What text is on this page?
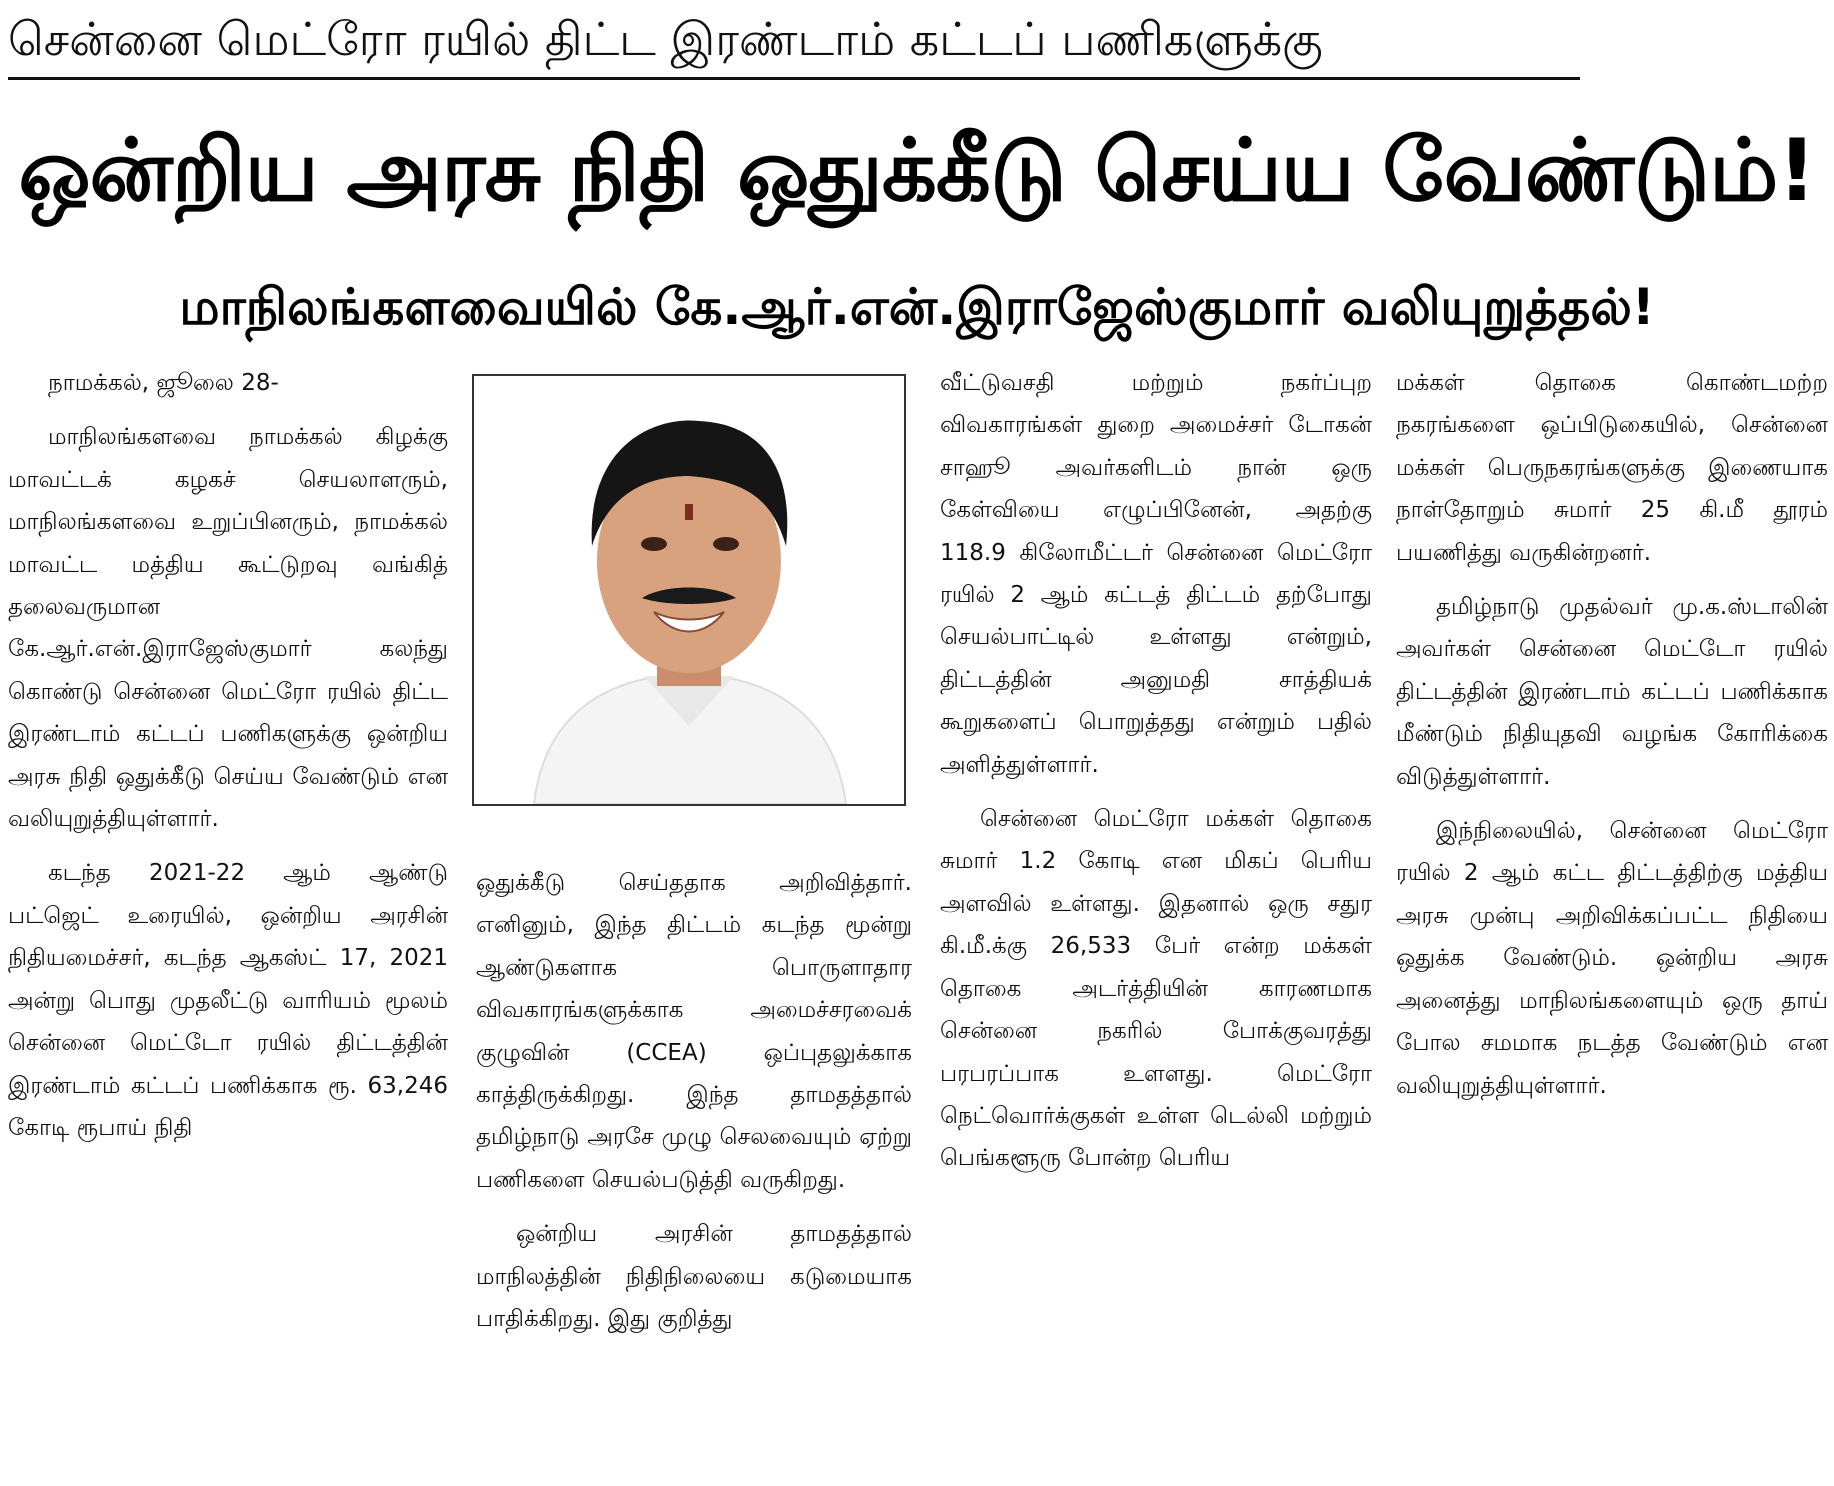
சென்னை மெட்ரோ ரயில் திட்ட இரண்டாம் கட்டப் பணிகளுக்கு
ஒன்றிய அரசு நிதி ஒதுக்கீடு செய்ய வேண்டும்!
மாநிலங்களவையில் கே.ஆர்.என்.இராஜேஸ்குமார் வலியுறுத்தல்!

நாமக்கல், ஜூலை 28-

மாநிலங்களவை நாமக்கல் கிழக்கு மாவட்டக் கழகச் செயலாளரும், மாநிலங்களவை உறுப்பினரும், நாமக்கல் மாவட்ட மத்திய கூட்டுறவு வங்கித் தலைவருமான கே.ஆர்.என்.இராஜேஸ்குமார் கலந்து கொண்டு சென்னை மெட்ரோ ரயில் திட்ட இரண்டாம் கட்டப் பணிகளுக்கு ஒன்றிய அரசு நிதி ஒதுக்கீடு செய்ய வேண்டும் என வலியுறுத்தியுள்ளார்.

கடந்த 2021-22 ஆம் ஆண்டு பட்ஜெட் உரையில், ஒன்றிய அரசின் நிதியமைச்சர், கடந்த ஆகஸ்ட் 17, 2021 அன்று பொது முதலீட்டு வாரியம் மூலம் சென்னை மெட்டோ ரயில் திட்டத்தின் இரண்டாம் கட்டப் பணிக்காக ரூ. 63,246 கோடி ரூபாய் நிதி

ஒதுக்கீடு செய்ததாக அறிவித்தார். எனினும், இந்த திட்டம் கடந்த மூன்று ஆண்டுகளாக பொருளாதார விவகாரங்களுக்காக அமைச்சரவைக் குழுவின் (CCEA) ஒப்புதலுக்காக காத்திருக்கிறது. இந்த தாமதத்தால் தமிழ்நாடு அரசே முழு செலவையும் ஏற்று பணிகளை செயல்படுத்தி வருகிறது.

ஒன்றிய அரசின் தாமதத்தால் மாநிலத்தின் நிதிநிலையை கடுமையாக பாதிக்கிறது. இது குறித்து

வீட்டுவசதி மற்றும் நகர்ப்புற விவகாரங்கள் துறை அமைச்சர் டோகன் சாஹூ அவர்களிடம் நான் ஒரு கேள்வியை எழுப்பினேன், அதற்கு 118.9 கிலோமீட்டர் சென்னை மெட்ரோ ரயில் 2 ஆம் கட்டத் திட்டம் தற்போது செயல்பாட்டில் உள்ளது என்றும், திட்டத்தின் அனுமதி சாத்தியக் கூறுகளைப் பொறுத்தது என்றும் பதில் அளித்துள்ளார்.

சென்னை மெட்ரோ மக்கள் தொகை சுமார் 1.2 கோடி என மிகப் பெரிய அளவில் உள்ளது. இதனால் ஒரு சதுர கி.மீ.க்கு 26,533 பேர் என்ற மக்கள் தொகை அடர்த்தியின் காரணமாக சென்னை நகரில் போக்குவரத்து பரபரப்பாக உளளது. மெட்ரோ நெட்வொர்க்குகள் உள்ள டெல்லி மற்றும் பெங்களூரு போன்ற பெரிய

மக்கள் தொகை கொண்டமற்ற நகரங்களை ஒப்பிடுகையில், சென்னை மக்கள் பெருநகரங்களுக்கு இணையாக நாள்தோறும் சுமார் 25 கி.மீ தூரம் பயணித்து வருகின்றனர்.

தமிழ்நாடு முதல்வர் மு.க.ஸ்டாலின் அவர்கள் சென்னை மெட்டோ ரயில் திட்டத்தின் இரண்டாம் கட்டப் பணிக்காக மீண்டும் நிதியுதவி வழங்க கோரிக்கை விடுத்துள்ளார்.

இந்நிலையில், சென்னை மெட்ரோ ரயில் 2 ஆம் கட்ட திட்டத்திற்கு மத்திய அரசு முன்பு அறிவிக்கப்பட்ட நிதியை ஒதுக்க வேண்டும். ஒன்றிய அரசு அனைத்து மாநிலங்களையும் ஒரு தாய் போல சமமாக நடத்த வேண்டும் என வலியுறுத்தியுள்ளார்.
